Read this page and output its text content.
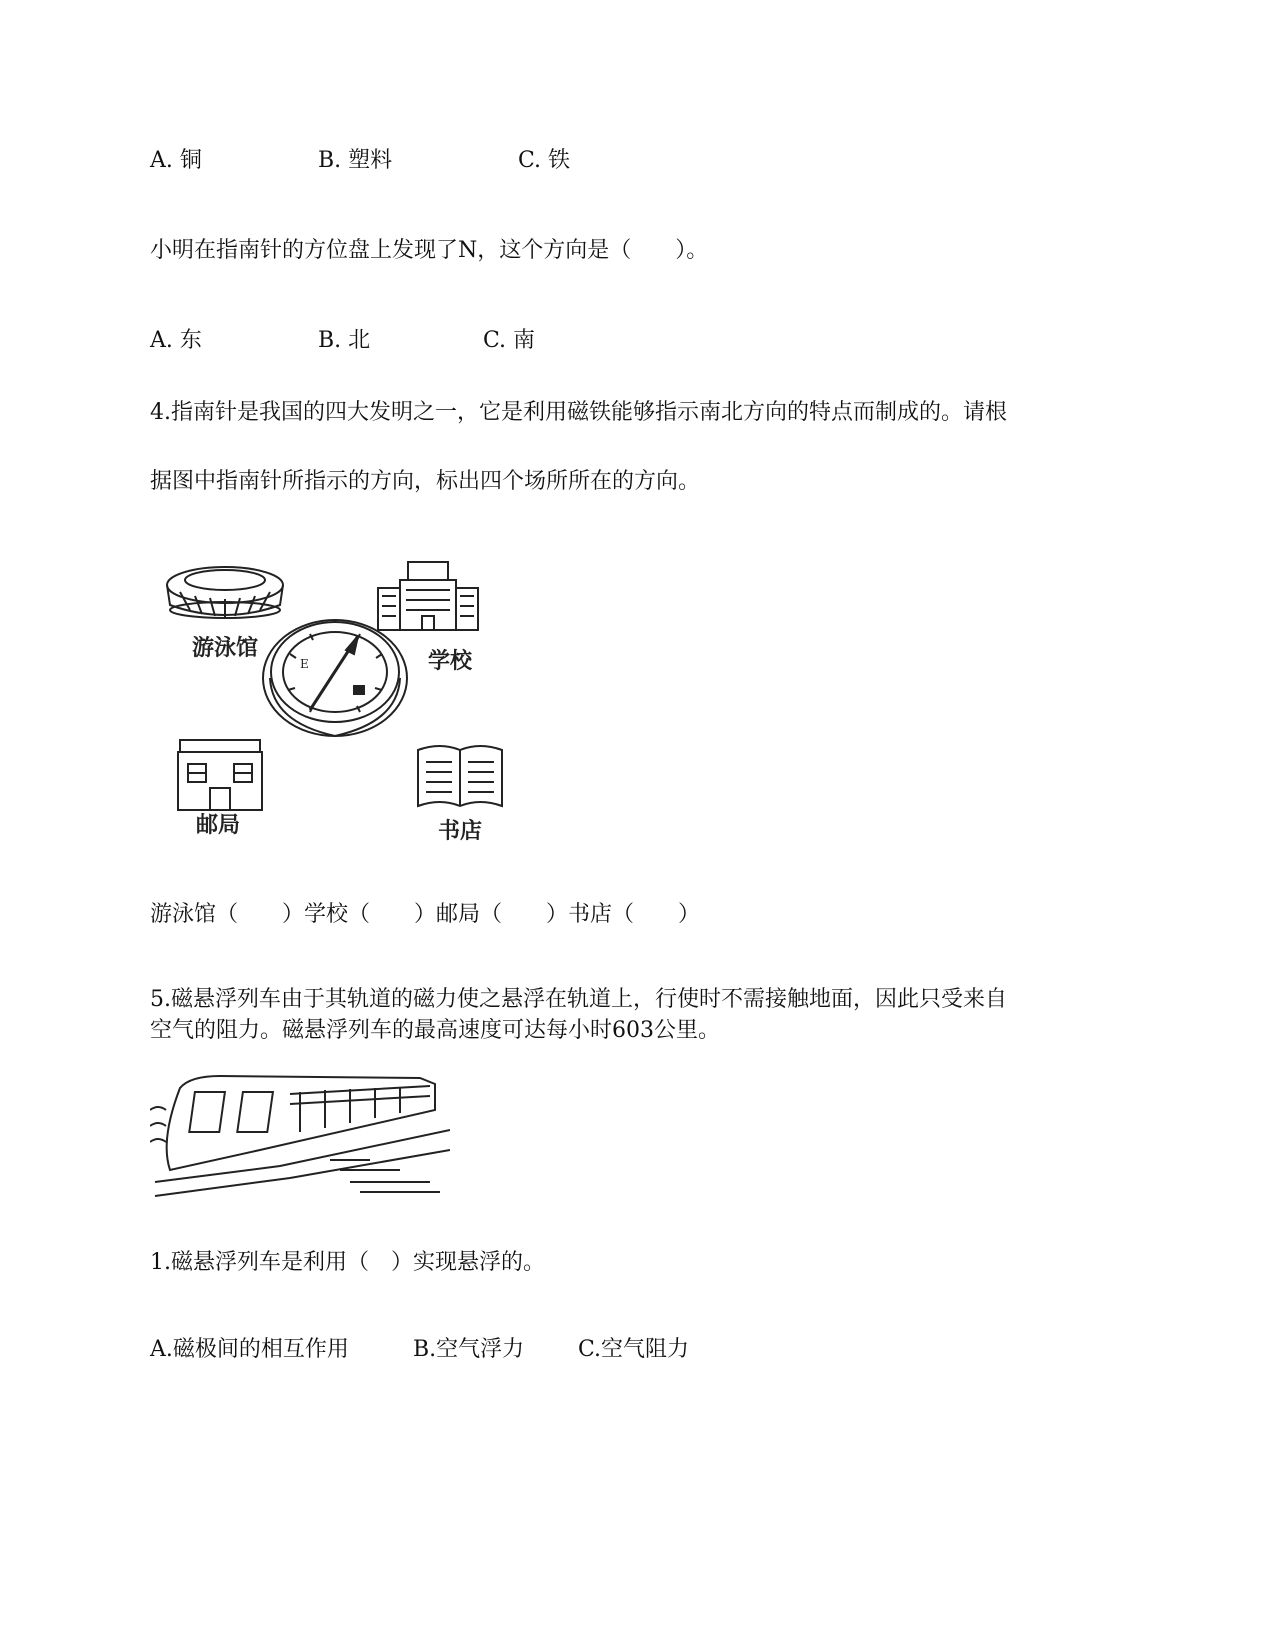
A. 铜	B. 塑料	C. 铁
小明在指南针的方位盘上发现了N，这个方向是（　　）。
A. 东	B. 北	C. 南
4.指南针是我国的四大发明之一，它是利用磁铁能够指示南北方向的特点而制成的。请根
据图中指南针所指示的方向，标出四个场所所在的方向。
游泳馆
学校
E
邮局	书店
游泳馆（　　）学校（　　）邮局（　　）书店（　　）
5.磁悬浮列车由于其轨道的磁力使之悬浮在轨道上，行使时不需接触地面，因此只受来自
空气的阻力。磁悬浮列车的最高速度可达每小时603公里。
1.磁悬浮列车是利用（　）实现悬浮的。
A.磁极间的相互作用	B.空气浮力 C.空气阻力
